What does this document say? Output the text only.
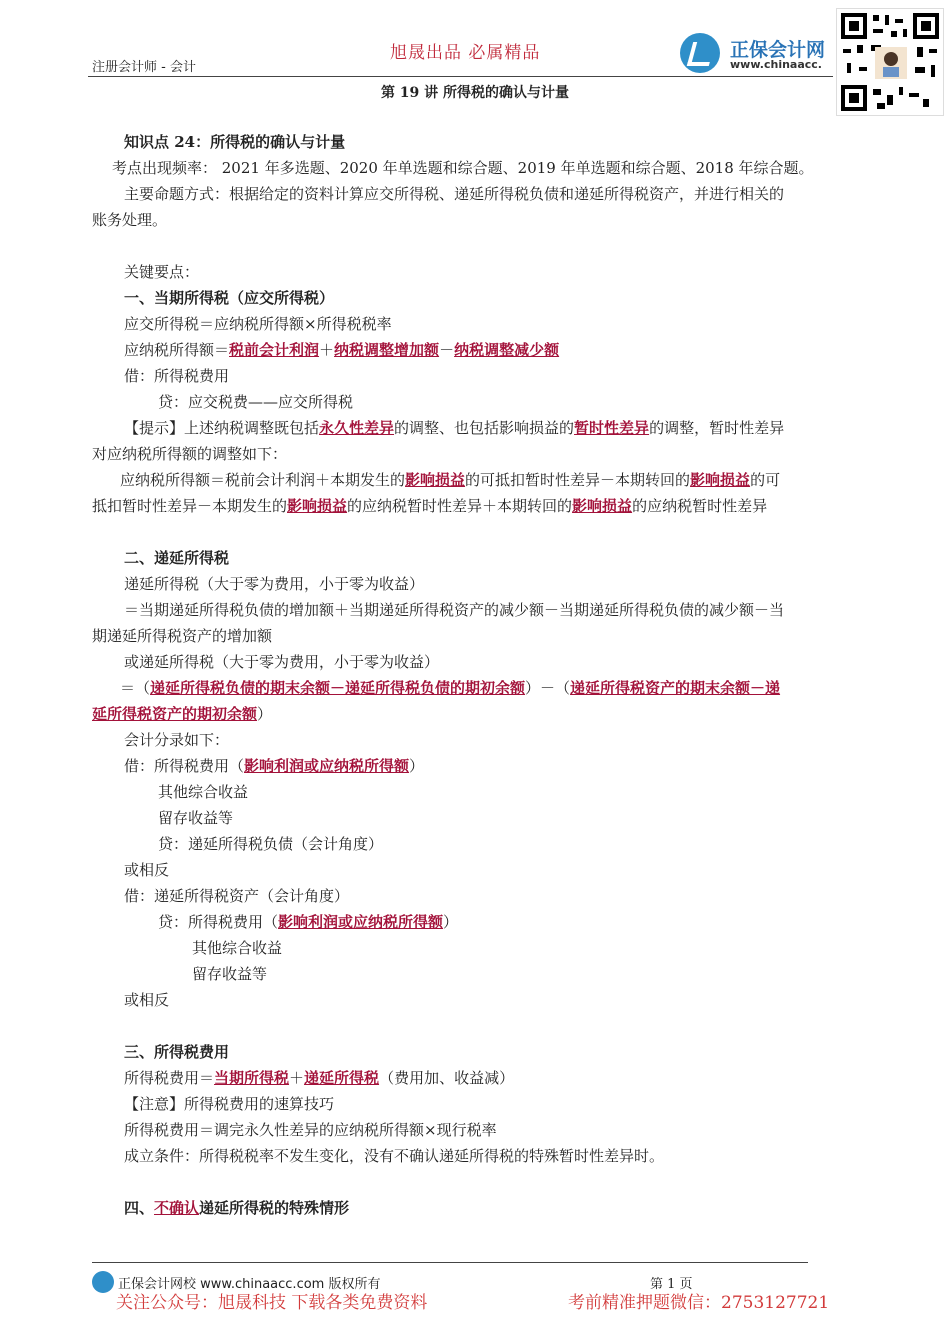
旭晟出品 必属精品
注册会计师 - 会计
正保会计网
www.chinaacc.
第 19 讲 所得税的确认与计量
知识点 24：所得税的确认与计量
考点出现频率： 2021 年多选题、2020 年单选题和综合题、2019 年单选题和综合题、2018 年综合题。
主要命题方式：根据给定的资料计算应交所得税、递延所得税负债和递延所得税资产，并进行相关的
账务处理。
关键要点：
一、当期所得税（应交所得税）
应交所得税＝应纳税所得额×所得税税率
应纳税所得额＝税前会计利润＋纳税调整增加额－纳税调整减少额
借：所得税费用
贷：应交税费——应交所得税
【提示】上述纳税调整既包括永久性差异的调整、也包括影响损益的暂时性差异的调整，暂时性差异
对应纳税所得额的调整如下：
应纳税所得额＝税前会计利润＋本期发生的影响损益的可抵扣暂时性差异－本期转回的影响损益的可
抵扣暂时性差异－本期发生的影响损益的应纳税暂时性差异＋本期转回的影响损益的应纳税暂时性差异
二、递延所得税
递延所得税（大于零为费用，小于零为收益）
＝当期递延所得税负债的增加额＋当期递延所得税资产的减少额－当期递延所得税负债的减少额－当
期递延所得税资产的增加额
或递延所得税（大于零为费用，小于零为收益）
＝（递延所得税负债的期末余额－递延所得税负债的期初余额）－（递延所得税资产的期末余额－递
延所得税资产的期初余额）
会计分录如下：
借：所得税费用（影响利润或应纳税所得额）
其他综合收益
留存收益等
贷：递延所得税负债（会计角度）
或相反
借：递延所得税资产（会计角度）
贷：所得税费用（影响利润或应纳税所得额）
其他综合收益
留存收益等
或相反
三、所得税费用
所得税费用＝当期所得税＋递延所得税（费用加、收益减）
【注意】所得税费用的速算技巧
所得税费用＝调完永久性差异的应纳税所得额×现行税率
成立条件：所得税税率不发生变化，没有不确认递延所得税的特殊暂时性差异时。
四、不确认递延所得税的特殊情形
正保会计网校 www.chinaacc.com 版权所有	第 1 页
关注公众号：旭晟科技 下载各类免费资料	考前精准押题微信：2753127721
